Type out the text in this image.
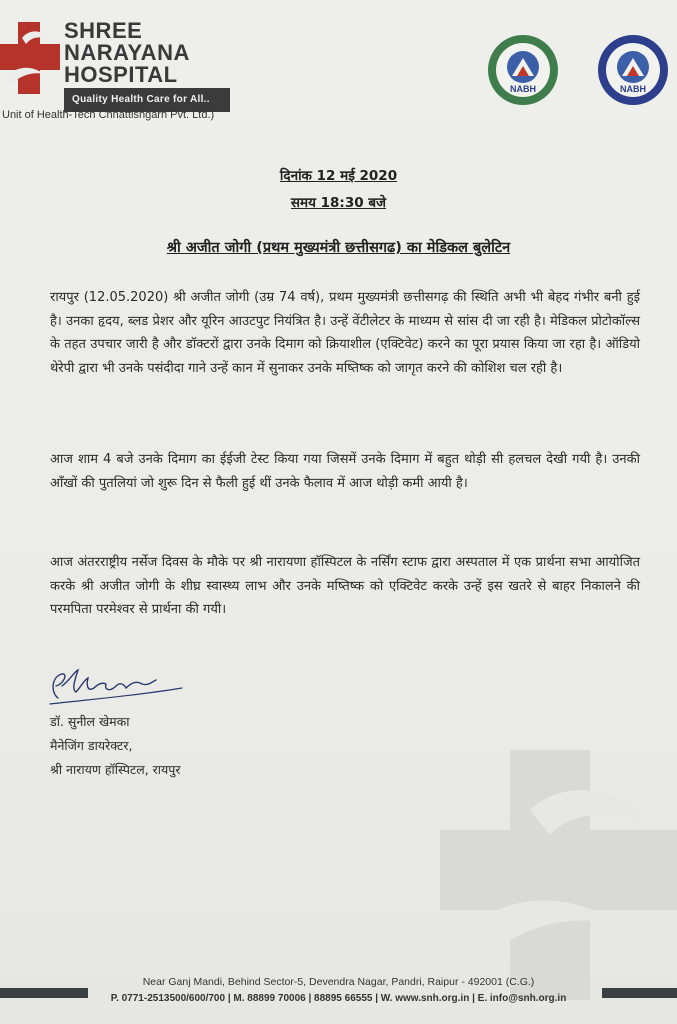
SHREE
NARAYANA
HOSPITAL
Quality Health Care for All..
Unit of Health-Tech Chhattishgarh Pvt. Ltd.)
NABH	NABH
दिनांक 12 मई 2020
समय 18:30 बजे
श्री अजीत जोगी (प्रथम मुख्यमंत्री छत्तीसगढ) का मेडिकल बुलेटिन

रायपुर (12.05.2020) श्री अजीत जोगी (उम्र 74 वर्ष), प्रथम मुख्यमंत्री छत्तीसगढ़ की स्थिति अभी भी बेहद गंभीर बनी हुई है। उनका हृदय, ब्लड प्रेशर और यूरिन आउटपुट नियंत्रित है। उन्हें वेंटीलेटर के माध्यम से सांस दी जा रही है। मेडिकल प्रोटोकॉल्स के तहत उपचार जारी है और डॉक्टरों द्वारा उनके दिमाग को क्रियाशील (एक्टिवेट) करने का पूरा प्रयास किया जा रहा है। ऑडियो थेरेपी द्वारा भी उनके पसंदीदा गाने उन्हें कान में सुनाकर उनके मष्तिष्क को जागृत करने की कोशिश चल रही है।

आज शाम 4 बजे उनके दिमाग का ईईजी टेस्ट किया गया जिसमें उनके दिमाग में बहुत थोड़ी सी हलचल देखी गयी है। उनकी आँखों की पुतलियां जो शुरू दिन से फैली हुई थीं उनके फैलाव में आज थोड़ी कमी आयी है।

आज अंतरराष्ट्रीय नर्सेज दिवस के मौके पर श्री नारायणा हॉस्पिटल के नर्सिंग स्टाफ द्वारा अस्पताल में एक प्रार्थना सभा आयोजित करके श्री अजीत जोगी के शीघ्र स्वास्थ्य लाभ और उनके मष्तिष्क को एक्टिवेट करके उन्हें इस खतरे से बाहर निकालने की परमपिता परमेश्वर से प्रार्थना की गयी।

डॉ. सुनील खेमका
मैनेजिंग डायरेक्टर,
श्री नारायण हॉस्पिटल, रायपुर
Near Ganj Mandi, Behind Sector-5, Devendra Nagar, Pandri, Raipur - 492001 (C.G.)
P. 0771-2513500/600/700 | M. 88899 70006 | 88895 66555 | W. www.snh.org.in | E. info@snh.org.in
